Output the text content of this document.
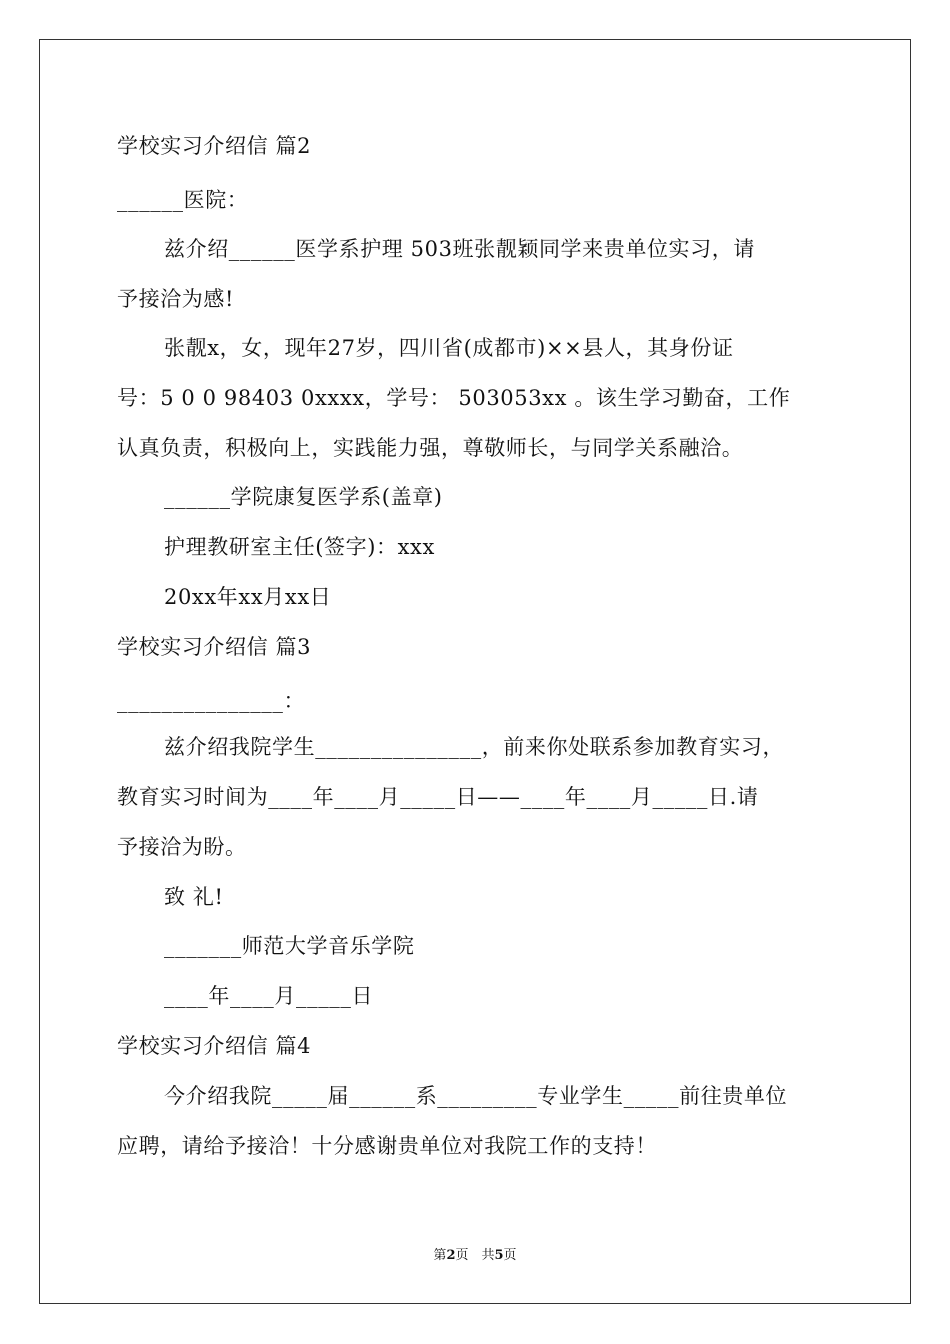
学校实习介绍信 篇2
______医院：
兹介绍______医学系护理 503班张靓颖同学来贵单位实习，请
予接洽为感!
张靓x，女，现年27岁，四川省(成都市)××县人，其身份证
号：5 0 0 98403 0xxxx，学号： 503053xx 。该生学习勤奋，工作
认真负责，积极向上，实践能力强，尊敬师长，与同学关系融洽。
______学院康复医学系(盖章)
护理教研室主任(签字)：xxx
20xx年xx月xx日
学校实习介绍信 篇3
_______________：
兹介绍我院学生_______________，前来你处联系参加教育实习，
教育实习时间为____年____月_____日——____年____月_____日.请
予接洽为盼。
致 礼!
_______师范大学音乐学院
____年____月_____日
学校实习介绍信 篇4
今介绍我院_____届______系_________专业学生_____前往贵单位
应聘，请给予接洽！十分感谢贵单位对我院工作的支持！
第2页　共5页
